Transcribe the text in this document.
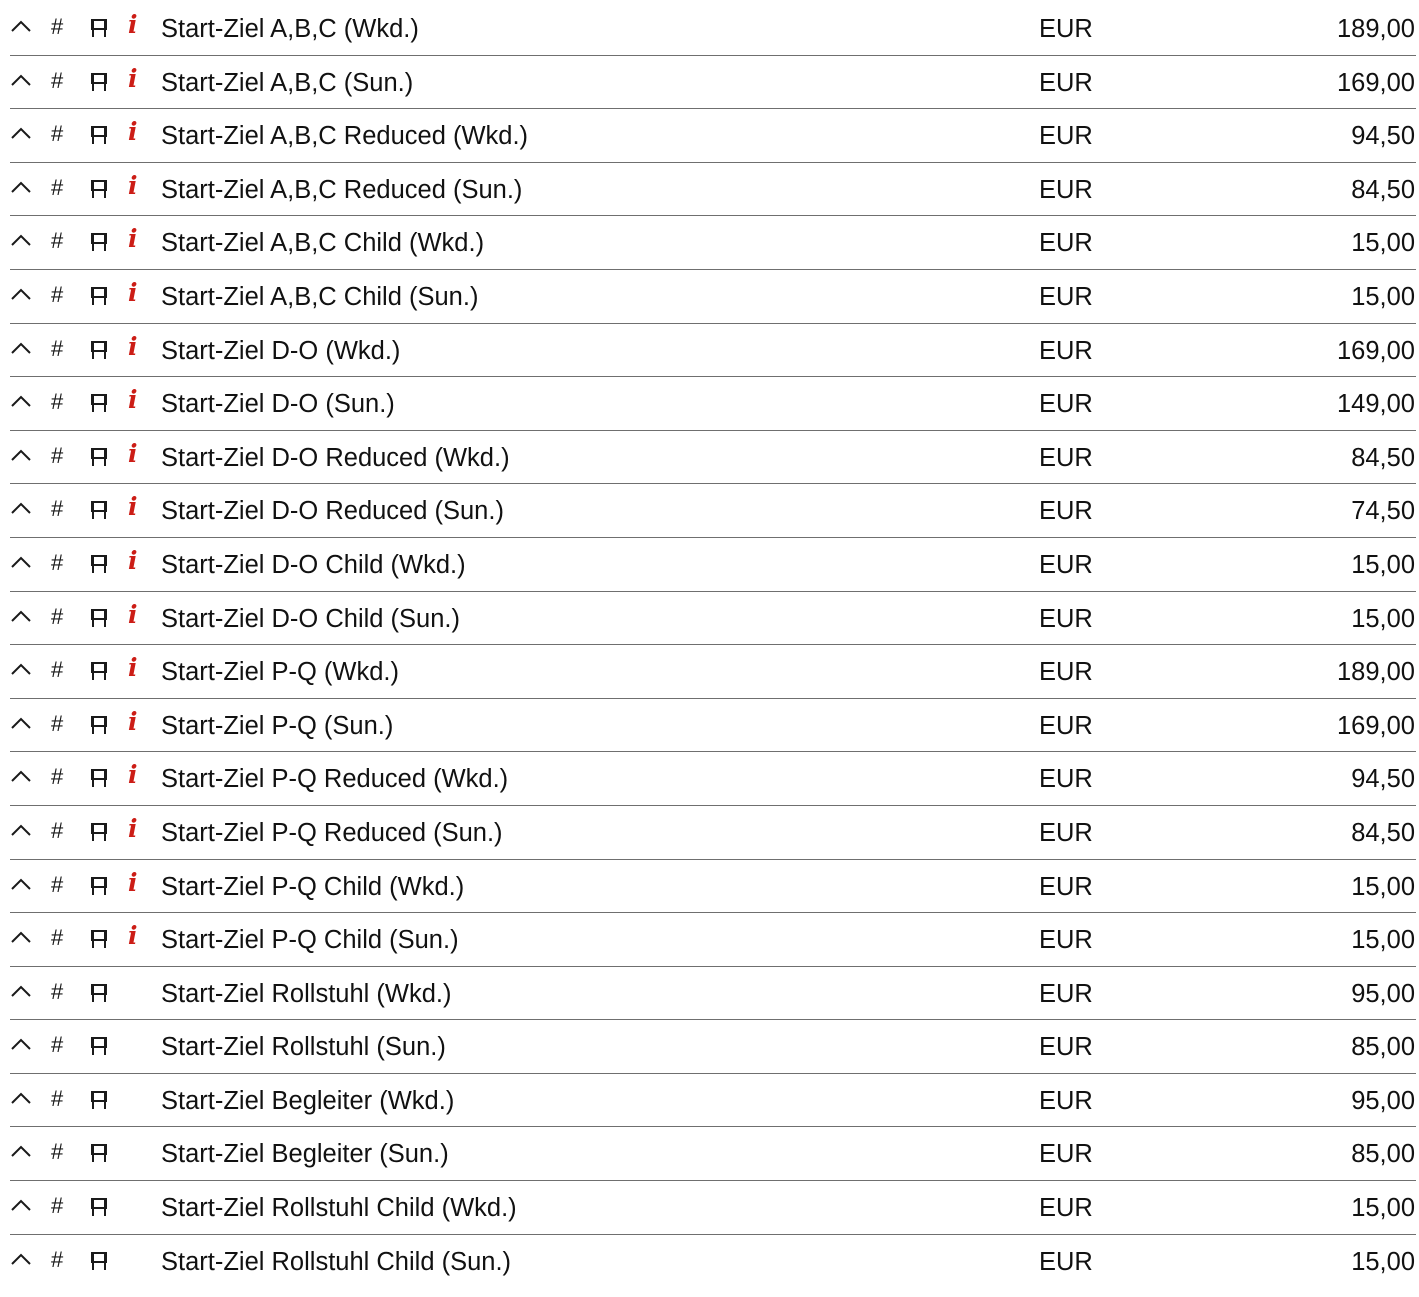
#	i Start-Ziel A,B,C (Wkd.)	EUR	189,00
#	i Start-Ziel A,B,C (Sun.)	EUR	169,00
#	i Start-Ziel A,B,C Reduced (Wkd.)	EUR	94,50
#	i Start-Ziel A,B,C Reduced (Sun.)	EUR	84,50
#	i Start-Ziel A,B,C Child (Wkd.)	EUR	15,00
#	i Start-Ziel A,B,C Child (Sun.)	EUR	15,00
#	i Start-Ziel D-O (Wkd.)	EUR	169,00
#	i Start-Ziel D-O (Sun.)	EUR	149,00
#	i Start-Ziel D-O Reduced (Wkd.)	EUR	84,50
#	i Start-Ziel D-O Reduced (Sun.)	EUR	74,50
#	i Start-Ziel D-O Child (Wkd.)	EUR	15,00
#	i Start-Ziel D-O Child (Sun.)	EUR	15,00
#	i Start-Ziel P-Q (Wkd.)	EUR	189,00
#	i Start-Ziel P-Q (Sun.)	EUR	169,00
#	i Start-Ziel P-Q Reduced (Wkd.)	EUR	94,50
#	i Start-Ziel P-Q Reduced (Sun.)	EUR	84,50
#	i Start-Ziel P-Q Child (Wkd.)	EUR	15,00
#	i Start-Ziel P-Q Child (Sun.)	EUR	15,00
#	Start-Ziel Rollstuhl (Wkd.)	EUR	95,00
#	Start-Ziel Rollstuhl (Sun.)	EUR	85,00
#	Start-Ziel Begleiter (Wkd.)	EUR	95,00
#	Start-Ziel Begleiter (Sun.)	EUR	85,00
#	Start-Ziel Rollstuhl Child (Wkd.)	EUR	15,00
#	Start-Ziel Rollstuhl Child (Sun.)	EUR	15,00
